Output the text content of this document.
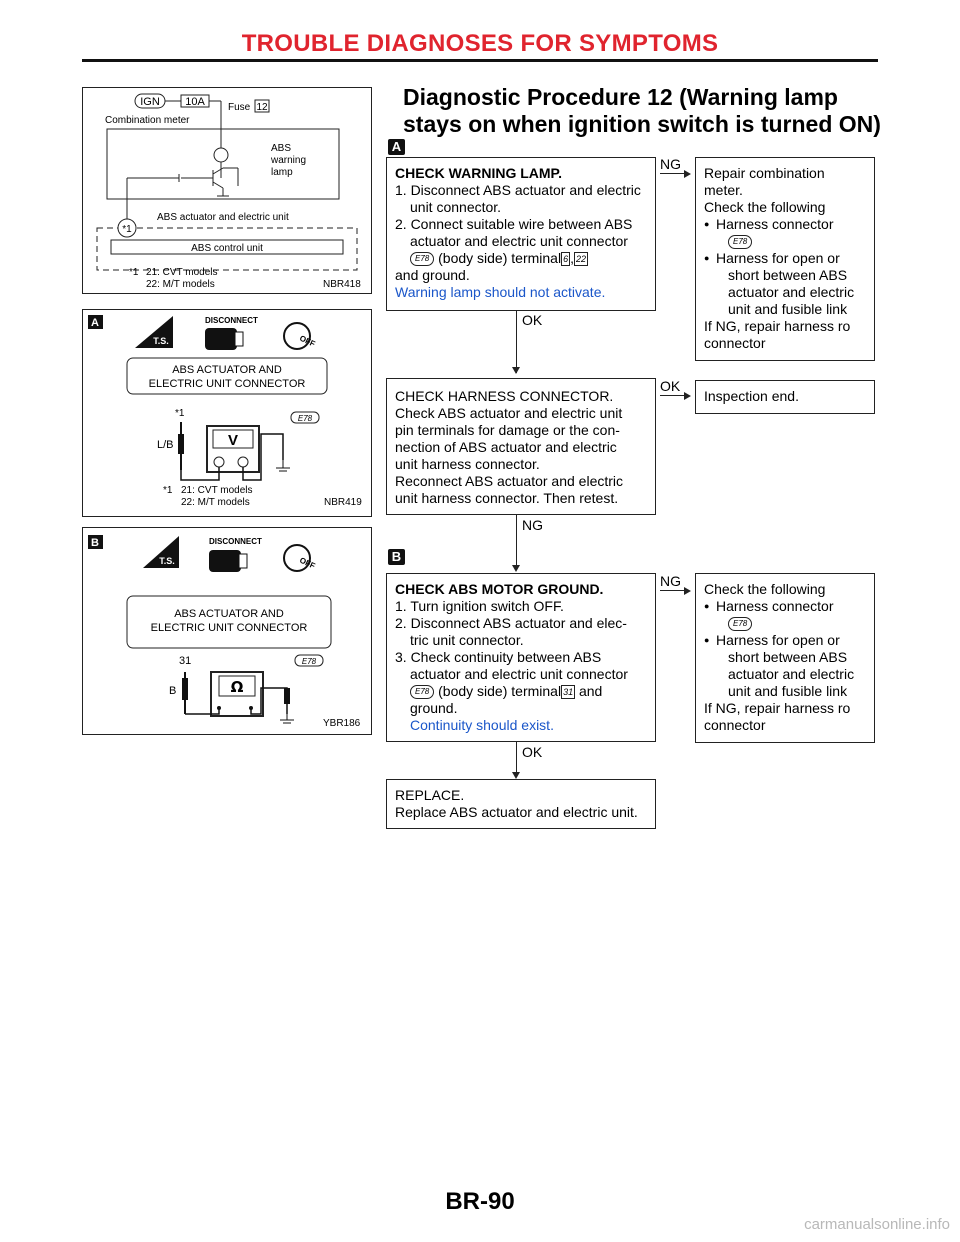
TROUBLE DIAGNOSES FOR SYMPTOMS
Diagnostic Procedure 12 (Warning lamp
stays on when ignition switch is turned ON)
IGN 10A Fuse 12
Combination meter
ABS
warning
lamp
ABS actuator and electric unit
*1
ABS control unit
*1 21: CVT models
22: M/T models	NBR418
A
T.S.
DISCONNECT
OFF
ABS ACTUATOR AND
ELECTRIC UNIT CONNECTOR
*1	E78
L/B	V
*1 21: CVT models
22: M/T models	NBR419
B
T.S.
DISCONNECT
OFF
ABS ACTUATOR AND
ELECTRIC UNIT CONNECTOR
31	E78
B	Ω
YBR186
A

CHECK WARNING LAMP.

1. Disconnect ABS actuator and electric

unit connector.

2. Connect suitable wire between ABS

actuator and electric unit connector

E78 (body side) terminal 6 , 22

and ground.

Warning lamp should not activate.

NG

Repair combination

meter.

Check the following

● Harness connector

E78

● Harness for open or

short between ABS

actuator and electric

unit and fusible link

If NG, repair harness ro

connector

OK

CHECK HARNESS CONNECTOR.

Check ABS actuator and electric unit

pin terminals for damage or the con-

nection of ABS actuator and electric

unit harness connector.

Reconnect ABS actuator and electric

unit harness connector. Then retest.

OK

Inspection end.

NG
B

CHECK ABS MOTOR GROUND.

1. Turn ignition switch OFF.

2. Disconnect ABS actuator and elec-

tric unit connector.

3. Check continuity between ABS

actuator and electric unit connector

E78 (body side) terminal 31 and

ground.

Continuity should exist.

NG Check the following

● Harness connector

E78

● Harness for open or

short between ABS

actuator and electric

unit and fusible link

If NG, repair harness ro

connector

OK

REPLACE.

Replace ABS actuator and electric unit.

BR-90
carmanualsonline.info
